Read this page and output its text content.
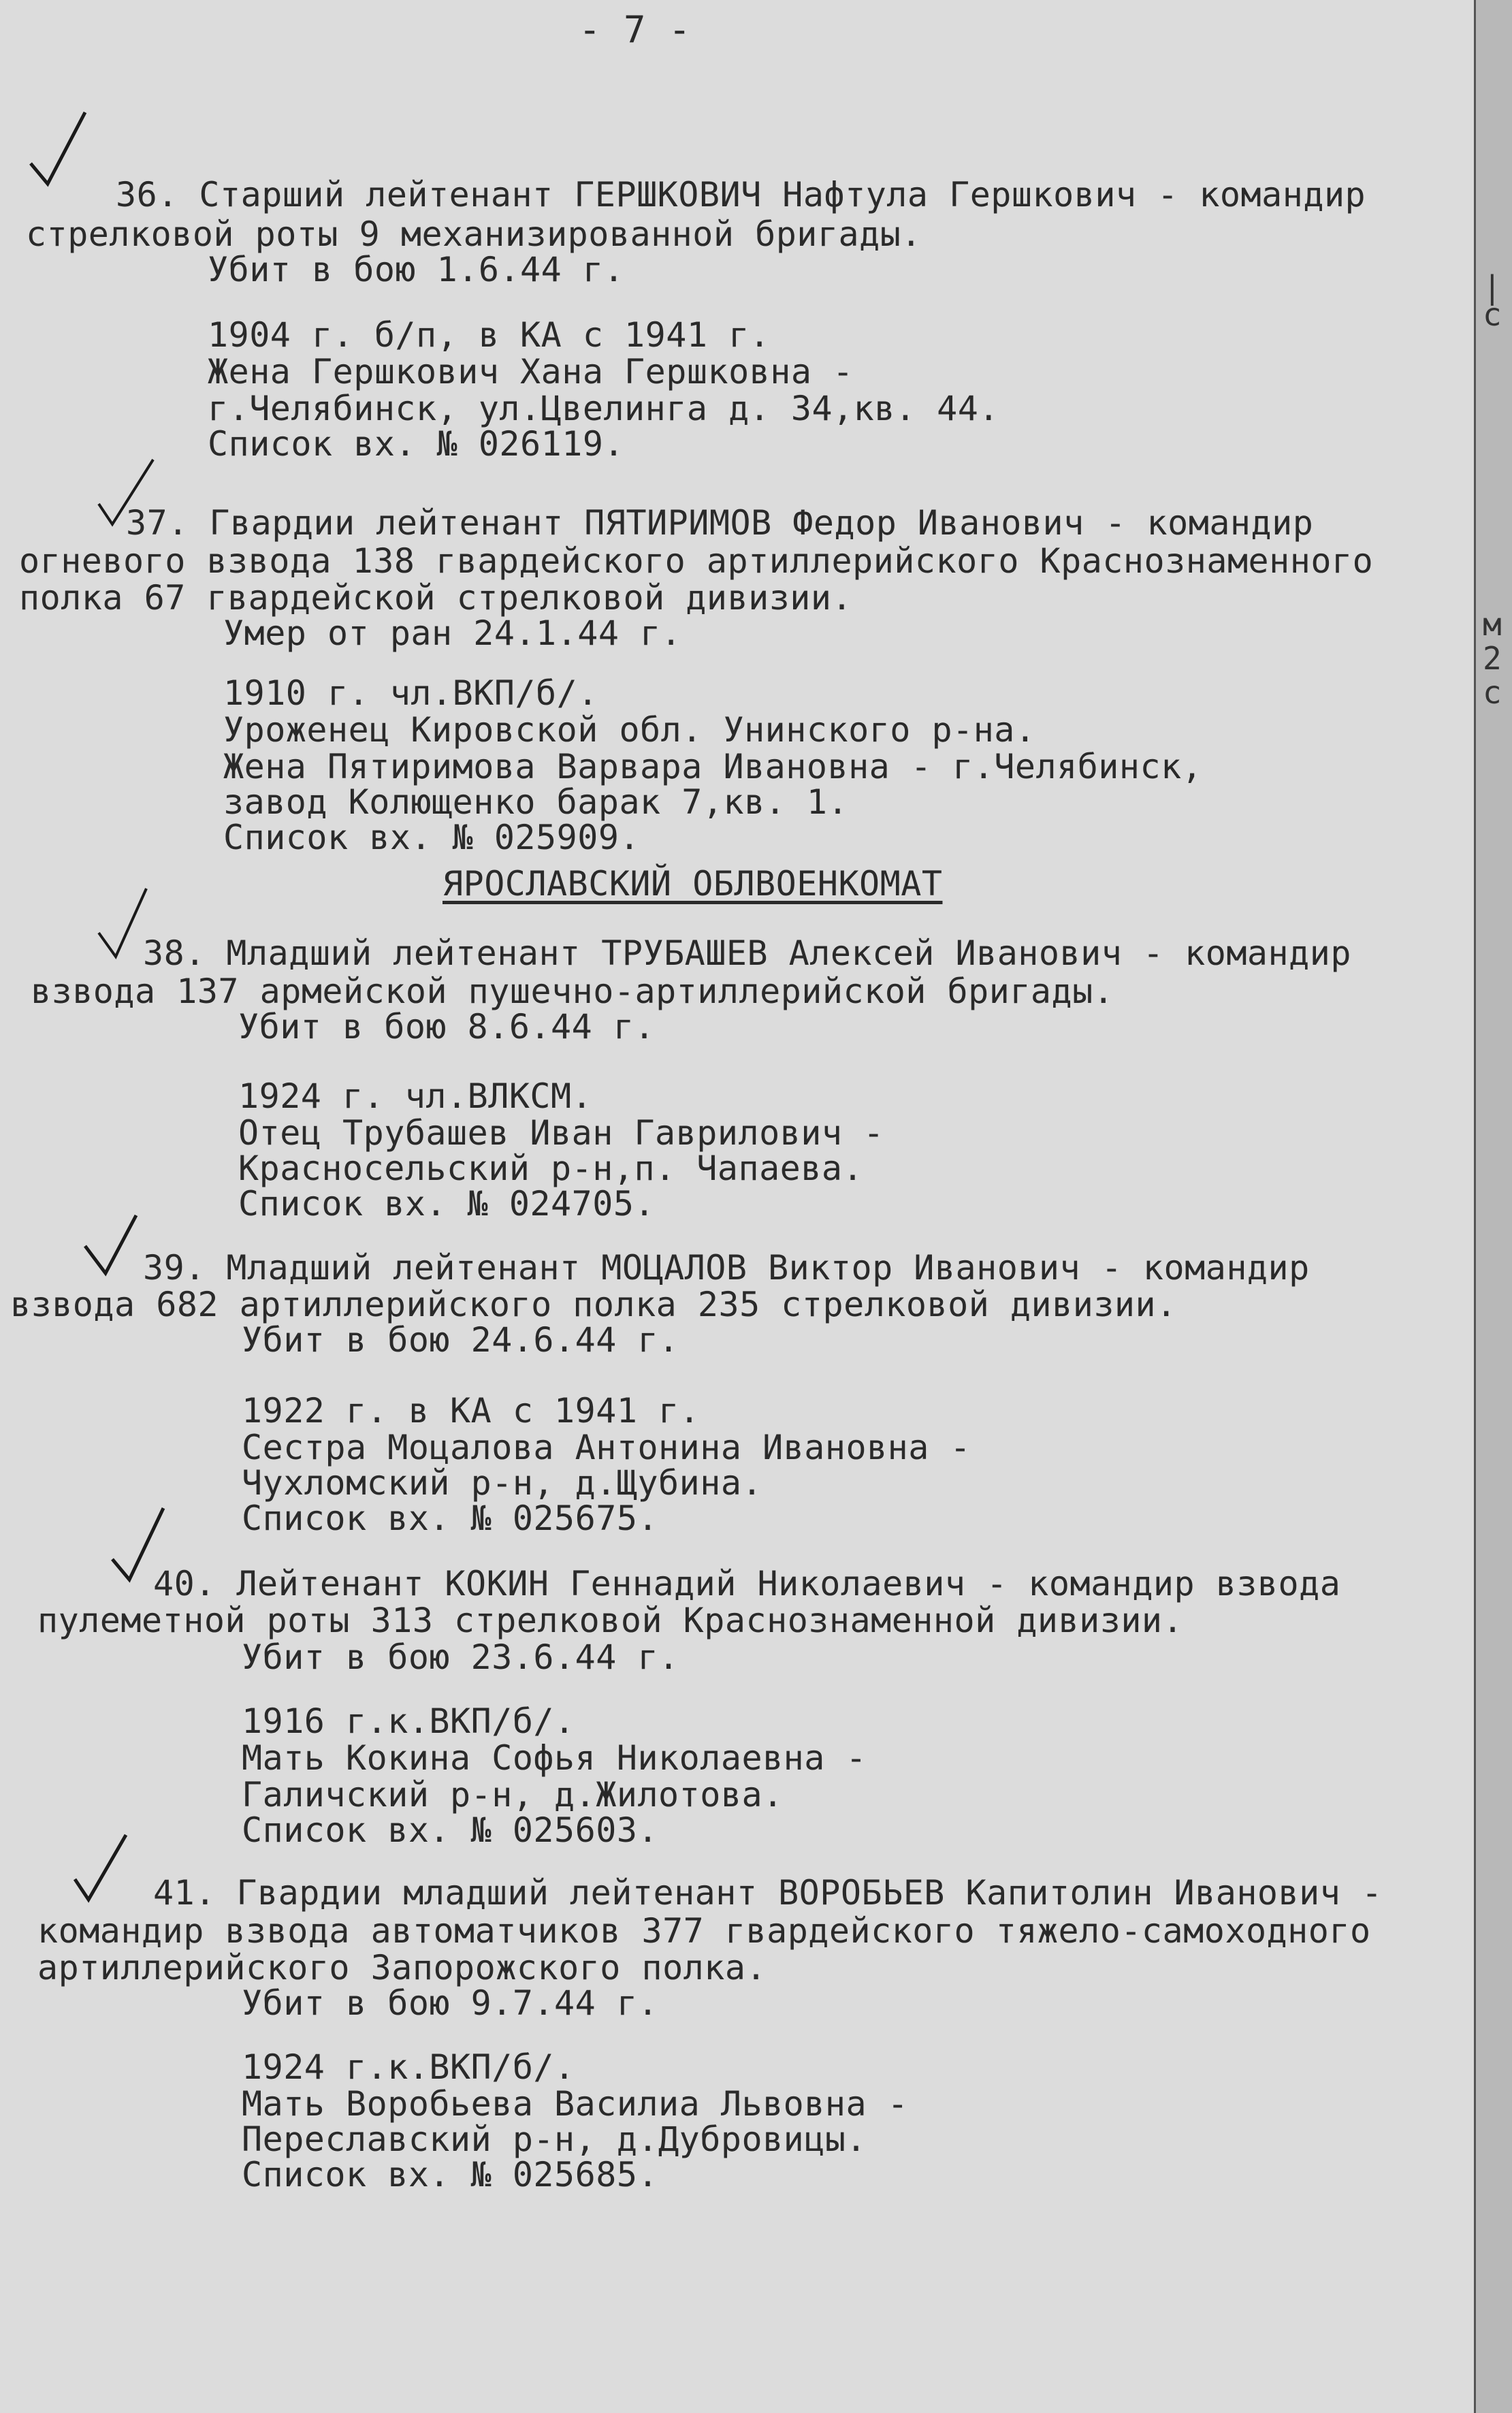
- 7 -
36. Старший лейтенант ГЕРШКОВИЧ Нафтула Гершкович - командир
стрелковой роты 9 механизированной бригады.
Убит в бою 1.6.44 г.
1904 г. б/п, в КА с 1941 г.
Жена Гершкович Хана Гершковна -
г.Челябинск, ул.Цвелинга д. 34,кв. 44.
Список вх. № 026119.
37. Гвардии лейтенант ПЯТИРИМОВ Федор Иванович - командир
огневого взвода 138 гвардейского артиллерийского Краснознаменного
полка 67 гвардейской стрелковой дивизии.
Умер от ран 24.1.44 г.
1910 г. чл.ВКП/б/.
Уроженец Кировской обл. Унинского р-на.
Жена Пятиримова Варвара Ивановна - г.Челябинск,
завод Колющенко барак 7,кв. 1.
Список вх. № 025909.
ЯРОСЛАВСКИЙ ОБЛВОЕНКОМАТ
38. Младший лейтенант ТРУБАШЕВ Алексей Иванович - командир
взвода 137 армейской пушечно-артиллерийской бригады.
Убит в бою 8.6.44 г.
1924 г. чл.ВЛКСМ.
Отец Трубашев Иван Гаврилович -
Красносельский р-н,п. Чапаева.
Список вх. № 024705.
39. Младший лейтенант МОЦАЛОВ Виктор Иванович - командир
взвода 682 артиллерийского полка 235 стрелковой дивизии.
Убит в бою 24.6.44 г.
1922 г. в КА с 1941 г.
Сестра Моцалова Антонина Ивановна -
Чухломский р-н, д.Щубина.
Список вх. № 025675.
40. Лейтенант КОКИН Геннадий Николаевич - командир взвода
пулеметной роты 313 стрелковой Краснознаменной дивизии.
Убит в бою 23.6.44 г.
1916 г.к.ВКП/б/.
Мать Кокина Софья Николаевна -
Галичский р-н, д.Жилотова.
Список вх. № 025603.
41. Гвардии младший лейтенант ВОРОБЬЕВ Капитолин Иванович -
командир взвода автоматчиков 377 гвардейского тяжело-самоходного
артиллерийского Запорожского полка.
Убит в бою 9.7.44 г.
1924 г.к.ВКП/б/.
Мать Воробьева Василиа Львовна -
Переславский р-н, д.Дубровицы.
Список вх. № 025685.
|
с
м
2
с
